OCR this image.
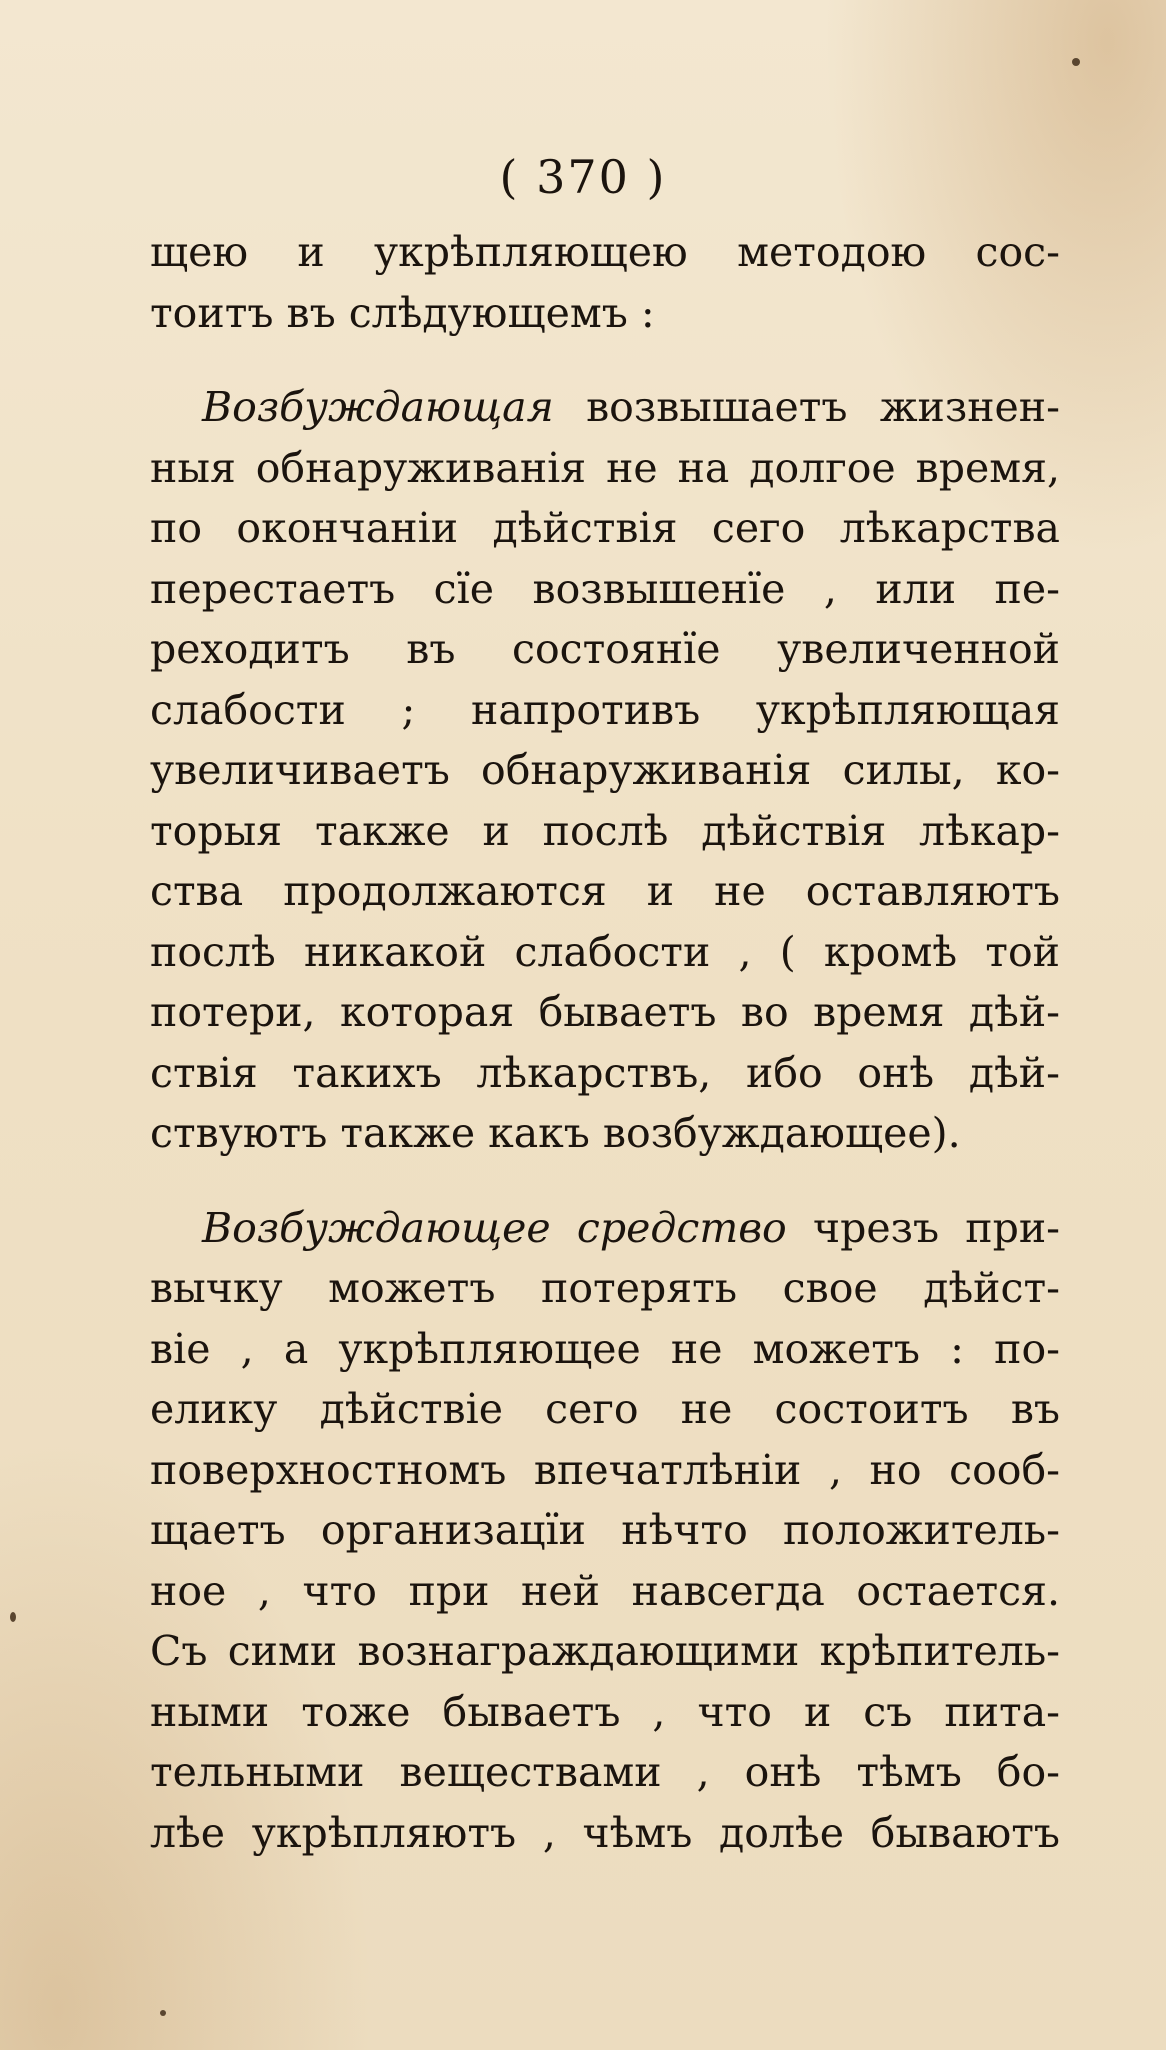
( 370 )
щею и укрѣпляющею методою сос-
тоитъ въ слѣдующемъ :
Возбуждающая возвышаетъ жизнен-
ныя обнаруживанія не на долгое время,
по окончаніи дѣйствія сего лѣкарства
перестаетъ сїе возвышенїе , или пе-
реходитъ въ состоянїе увеличенной
слабости ; напротивъ укрѣпляющая
увеличиваетъ обнаруживанія силы, ко-
торыя также и послѣ дѣйствія лѣкар-
ства продолжаются и не оставляютъ
послѣ никакой слабости , ( кромѣ той
потери, которая бываетъ во время дѣй-
ствія такихъ лѣкарствъ, ибо онѣ дѣй-
ствуютъ также какъ возбуждающее).
Возбуждающее средство чрезъ при-
вычку можетъ потерять свое дѣйст-
віе , а укрѣпляющее не можетъ : по-
елику дѣйствіе сего не состоитъ въ
поверхностномъ впечатлѣніи , но сооб-
щаетъ организацїи нѣчто положитель-
ное , что при ней навсегда остается.
Съ сими вознаграждающими крѣпитель-
ными тоже бываетъ , что и съ пита-
тельными веществами , онѣ тѣмъ бо-
лѣе укрѣпляютъ , чѣмъ долѣе бываютъ
